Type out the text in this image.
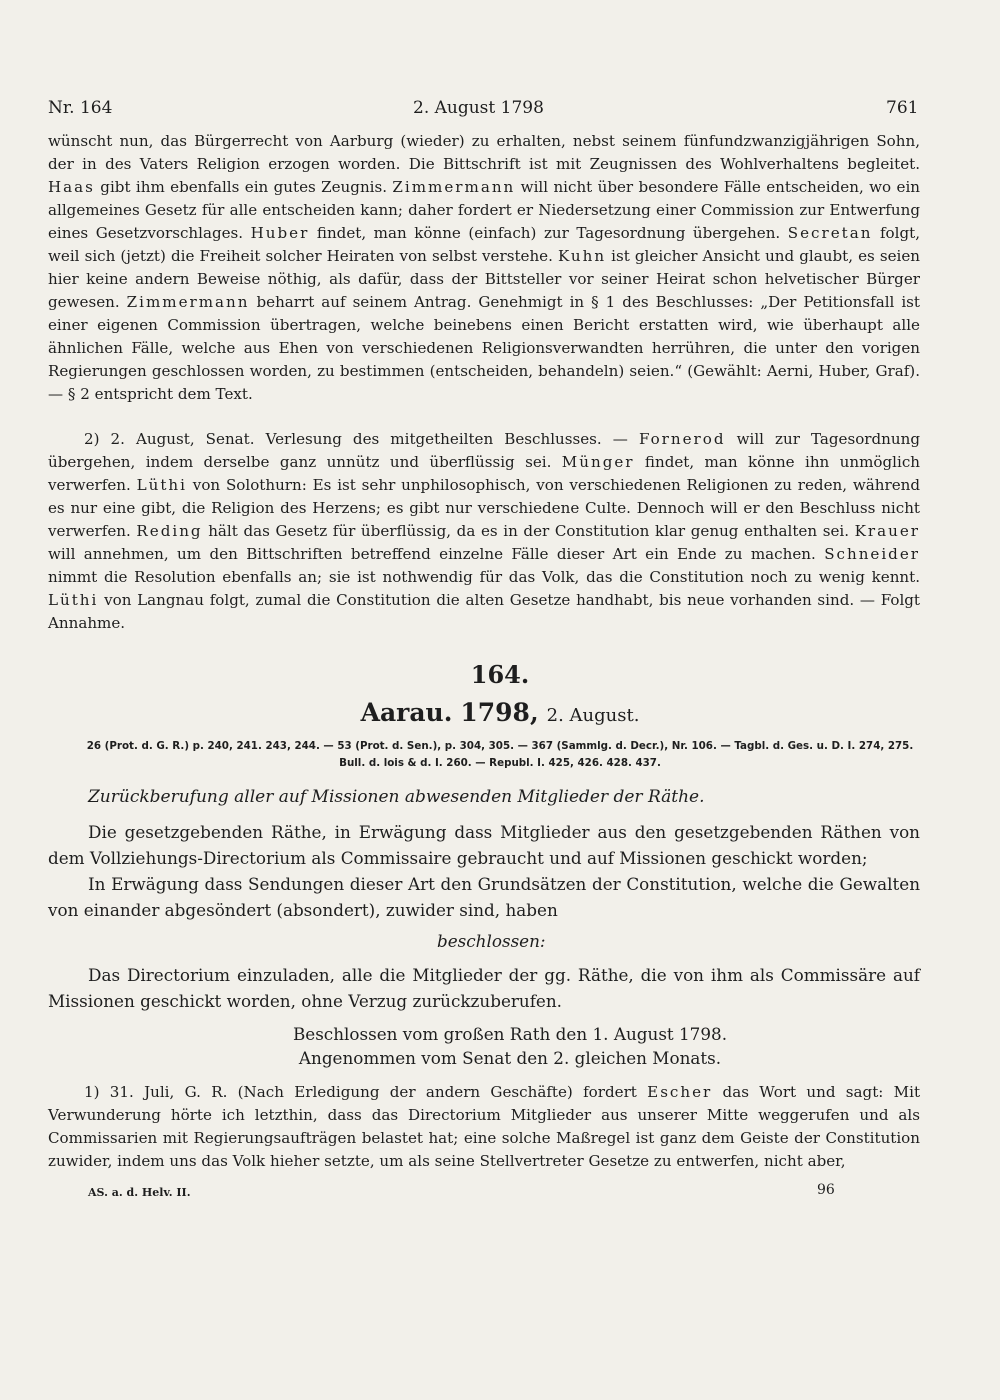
Nr. 164	2. August 1798	761
wünscht nun, das Bürgerrecht von Aarburg (wieder) zu erhalten, nebst seinem fünfundzwanzigjährigen Sohn, der in des Vaters Religion erzogen worden. Die Bittschrift ist mit Zeugnissen des Wohlverhaltens begleitet. Haas gibt ihm ebenfalls ein gutes Zeugnis. Zimmermann will nicht über besondere Fälle entscheiden, wo ein allgemeines Gesetz für alle entscheiden kann; daher fordert er Niedersetzung einer Commission zur Entwerfung eines Gesetzvorschlages. Huber findet, man könne (einfach) zur Tagesordnung übergehen. Secretan folgt, weil sich (jetzt) die Freiheit solcher Heiraten von selbst verstehe. Kuhn ist gleicher Ansicht und glaubt, es seien hier keine andern Beweise nöthig, als dafür, dass der Bittsteller vor seiner Heirat schon helvetischer Bürger gewesen. Zimmermann beharrt auf seinem Antrag. Genehmigt in § 1 des Beschlusses: „Der Petitionsfall ist einer eigenen Commission übertragen, welche beinebens einen Bericht erstatten wird, wie überhaupt alle ähnlichen Fälle, welche aus Ehen von verschiedenen Religionsverwandten herrühren, die unter den vorigen Regierungen geschlossen worden, zu bestimmen (entscheiden, behandeln) seien.“ (Gewählt: Aerni, Huber, Graf). — § 2 entspricht dem Text.
2) 2. August, Senat. Verlesung des mitgetheilten Beschlusses. — Fornerod will zur Tagesordnung übergehen, indem derselbe ganz unnütz und überflüssig sei. Münger findet, man könne ihn unmöglich verwerfen. Lüthi von Solothurn: Es ist sehr unphilosophisch, von verschiedenen Religionen zu reden, während es nur eine gibt, die Religion des Herzens; es gibt nur verschiedene Culte. Dennoch will er den Beschluss nicht verwerfen. Reding hält das Gesetz für überflüssig, da es in der Constitution klar genug enthalten sei. Krauer will annehmen, um den Bittschriften betreffend einzelne Fälle dieser Art ein Ende zu machen. Schneider nimmt die Resolution ebenfalls an; sie ist nothwendig für das Volk, das die Constitution noch zu wenig kennt. Lüthi von Langnau folgt, zumal die Constitution die alten Gesetze handhabt, bis neue vorhanden sind. — Folgt Annahme.
164.
Aarau. 1798, 2. August.
26 (Prot. d. G. R.) p. 240, 241. 243, 244. — 53 (Prot. d. Sen.), p. 304, 305. — 367 (Sammlg. d. Decr.), Nr. 106. — Tagbl. d. Ges. u. D. I. 274, 275.
Bull. d. lois & d. I. 260. — Republ. I. 425, 426. 428. 437.
Zurückberufung aller auf Missionen abwesenden Mitglieder der Räthe.
Die gesetzgebenden Räthe, in Erwägung dass Mitglieder aus den gesetzgebenden Räthen von dem Vollziehungs-Directorium als Commissaire gebraucht und auf Missionen geschickt worden;
In Erwägung dass Sendungen dieser Art den Grundsätzen der Constitution, welche die Gewalten von einander abgesöndert (absondert), zuwider sind, haben
beschlossen:
Das Directorium einzuladen, alle die Mitglieder der gg. Räthe, die von ihm als Commissäre auf Missionen geschickt worden, ohne Verzug zurückzuberufen.
Beschlossen vom großen Rath den 1. August 1798.
Angenommen vom Senat den 2. gleichen Monats.
1) 31. Juli, G. R. (Nach Erledigung der andern Geschäfte) fordert Escher das Wort und sagt: Mit Verwunderung hörte ich letzthin, dass das Directorium Mitglieder aus unserer Mitte weggerufen und als Commissarien mit Regierungsaufträgen belastet hat; eine solche Maßregel ist ganz dem Geiste der Constitution zuwider, indem uns das Volk hieher setzte, um als seine Stellvertreter Gesetze zu entwerfen, nicht aber,
AS. a. d. Helv. II.	96
